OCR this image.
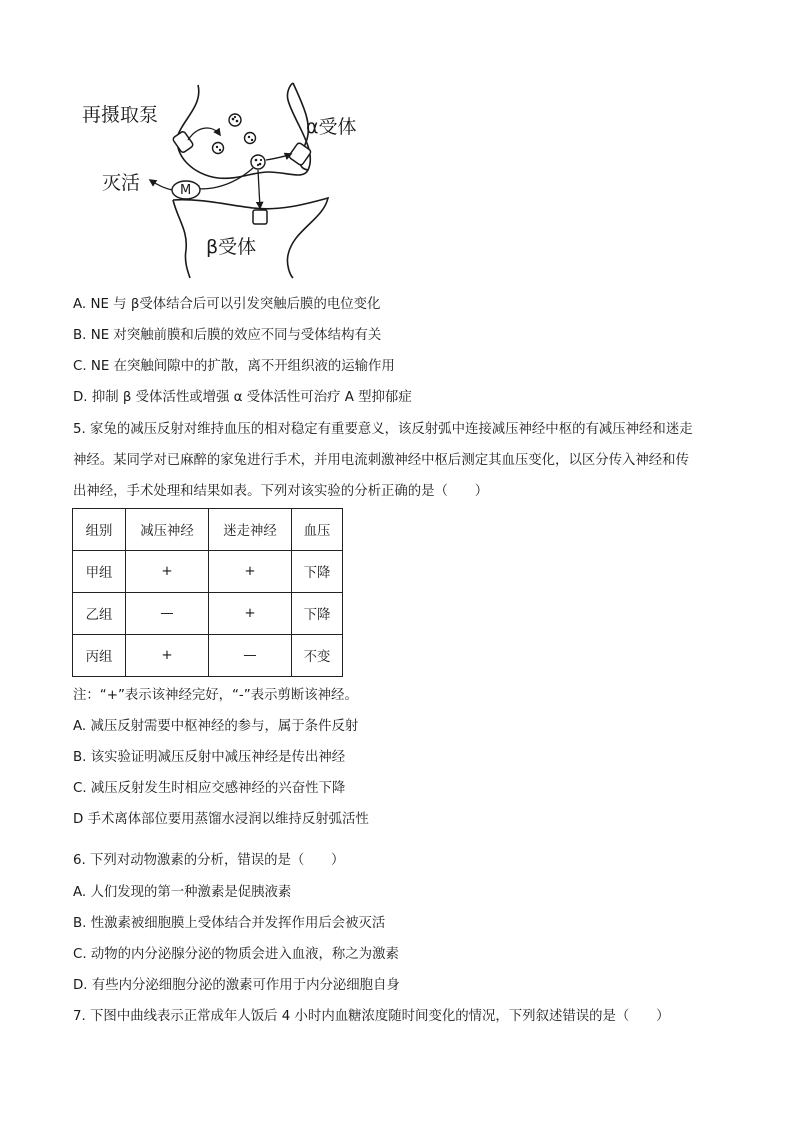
再摄取泵
α受体
灭活	M
β受体
A. NE 与 β受体结合后可以引发突触后膜的电位变化
B. NE 对突触前膜和后膜的效应不同与受体结构有关
C. NE 在突触间隙中的扩散，离不开组织液的运输作用
D. 抑制 β 受体活性或增强 α 受体活性可治疗 A 型抑郁症
5. 家兔的减压反射对维持血压的相对稳定有重要意义，该反射弧中连接减压神经中枢的有减压神经和迷走
神经。某同学对已麻醉的家兔进行手术，并用电流刺激神经中枢后测定其血压变化，以区分传入神经和传
出神经，手术处理和结果如表。下列对该实验的分析正确的是（　　）
组别	减压神经	迷走神经	血压
甲组	+	+	下降
乙组	—	+	下降
丙组	+	—	不变
注：“+”表示该神经完好，“-”表示剪断该神经。
A. 减压反射需要中枢神经的参与，属于条件反射
B. 该实验证明减压反射中减压神经是传出神经
C. 减压反射发生时相应交感神经的兴奋性下降
D 手术离体部位要用蒸馏水浸润以维持反射弧活性
6. 下列对动物激素的分析，错误的是（　　）
A. 人们发现的第一种激素是促胰液素
B. 性激素被细胞膜上受体结合并发挥作用后会被灭活
C. 动物的内分泌腺分泌的物质会进入血液，称之为激素
D. 有些内分泌细胞分泌的激素可作用于内分泌细胞自身
7. 下图中曲线表示正常成年人饭后 4 小时内血糖浓度随时间变化的情况，下列叙述错误的是（　　）
